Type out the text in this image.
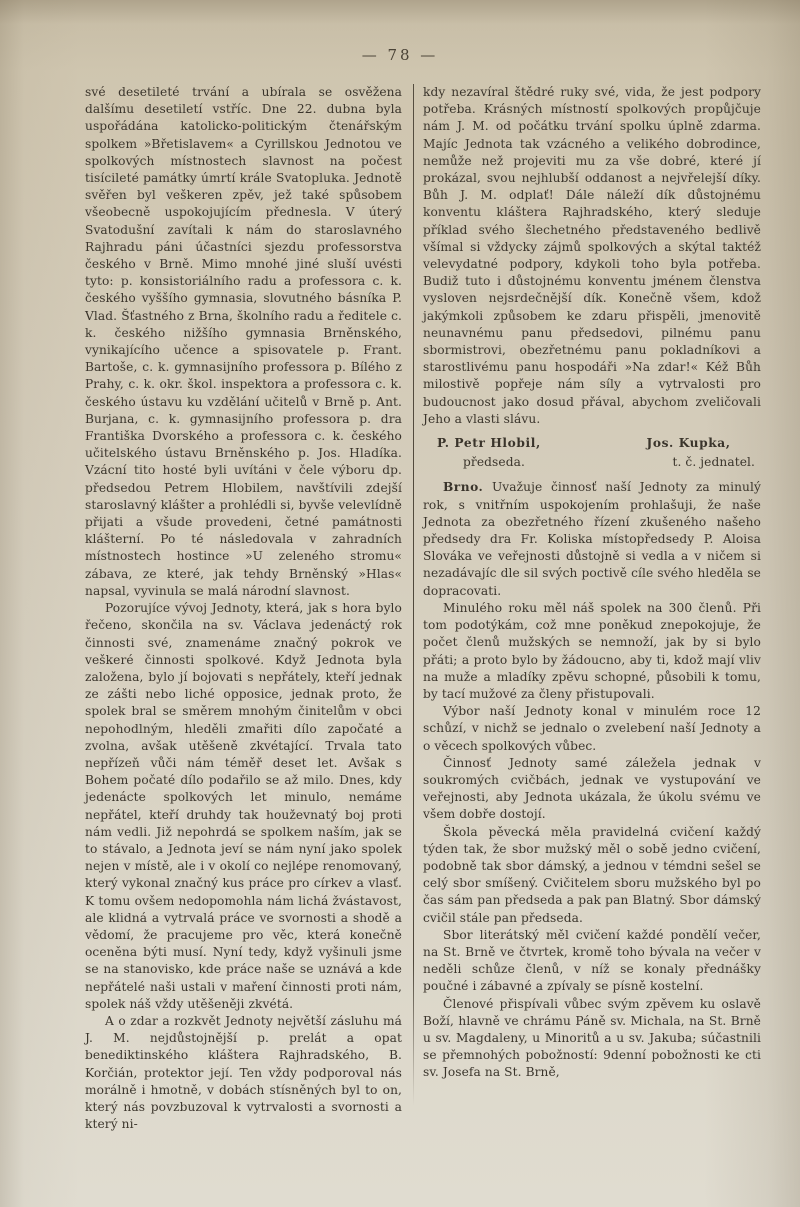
— 78 —

své desetileté trvání a ubírala se osvěžena dalšímu desetiletí vstříc. Dne 22. dubna byla uspořádána katolicko-politickým čtenářským spolkem »Břetislavem« a Cyrillskou Jednotou ve spolkových místnostech slavnost na počest tisícileté památky úmrtí krále Svatopluka. Jednotě svěřen byl veškeren zpěv, jež také spůsobem všeobecně uspokojujícím přednesla. V úterý Svatodušní zavítali k nám do staroslavného Rajhradu páni účastníci sjezdu professorstva českého v Brně. Mimo mnohé jiné sluší uvésti tyto: p. konsistoriálního radu a professora c. k. českého vyššího gymnasia, slovutného básníka P. Vlad. Šťastného z Brna, školního radu a ředitele c. k. českého nižšího gymnasia Brněnského, vynikajícího učence a spisovatele p. Frant. Bartoše, c. k. gymnasijního professora p. Bílého z Prahy, c. k. okr. škol. inspektora a professora c. k. českého ústavu ku vzdělání učitelů v Brně p. Ant. Burjana, c. k. gymnasijního professora p. dra Františka Dvorského a professora c. k. českého učitelského ústavu Brněnského p. Jos. Hladíka. Vzácní tito hosté byli uvítáni v čele výboru dp. předsedou Petrem Hlobilem, navštívili zdejší staroslavný klášter a prohlédli si, byvše velevlídně přijati a všude provedeni, četné památnosti klášterní. Po té následovala v zahradních místnostech hostince »U zeleného stromu« zábava, ze které, jak tehdy Brněnský »Hlas« napsal, vyvinula se malá národní slavnost.

Pozorujíce vývoj Jednoty, která, jak s hora bylo řečeno, skončila na sv. Václava jedenáctý rok činnosti své, znamenáme značný pokrok ve veškeré činnosti spolkové. Když Jednota byla založena, bylo jí bojovati s nepřátely, kteří jednak ze zášti nebo liché opposice, jednak proto, že spolek bral se směrem mnohým činitelům v obci nepohodlným, hleděli zmařiti dílo započaté a zvolna, avšak utěšeně zkvétající. Trvala tato nepřízeň vůči nám téměř deset let. Avšak s Bohem počaté dílo podařilo se až milo. Dnes, kdy jedenácte spolkových let minulo, nemáme nepřátel, kteří druhdy tak houževnatý boj proti nám vedli. Již nepohrdá se spolkem naším, jak se to stávalo, a Jednota jeví se nám nyní jako spolek nejen v místě, ale i v okolí co nejlépe renomovaný, který vykonal značný kus práce pro církev a vlasť. K tomu ovšem nedopomohla nám lichá žvástavost, ale klidná a vytrvalá práce ve svornosti a shodě a vědomí, že pracujeme pro věc, která konečně oceněna býti musí. Nyní tedy, když vyšinuli jsme se na stanovisko, kde práce naše se uznává a kde nepřátelé naši ustali v maření činnosti proti nám, spolek náš vždy utěšeněji zkvétá.

A o zdar a rozkvět Jednoty největší zásluhu má J. M. nejdůstojnější p. prelát a opat benediktinského kláštera Rajhradského, B. Korčián, protektor její. Ten vždy podporoval nás morálně i hmotně, v dobách stísněných byl to on, který nás povzbuzoval k vytrvalosti a svornosti a který ni-

kdy nezavíral štědré ruky své, vida, že jest podpory potřeba. Krásných místností spolkových propůjčuje nám J. M. od počátku trvání spolku úplně zdarma. Majíc Jednota tak vzácného a velikého dobrodince, nemůže než projeviti mu za vše dobré, které jí prokázal, svou nejhlubší oddanost a nejvřelejší díky. Bůh J. M. odplať! Dále náleží dík důstojnému konventu kláštera Rajhradského, který sleduje příklad svého šlechetného představeného bedlivě všímal si vždycky zájmů spolkových a skýtal taktéž velevydatné podpory, kdykoli toho byla potřeba. Budiž tuto i důstojnému konventu jménem členstva vysloven nejsrdečnější dík. Konečně všem, kdož jakýmkoli způsobem ke zdaru přispěli, jmenovitě neunavnému panu předsedovi, pilnému panu sbormistrovi, obezřetnému panu pokladníkovi a starostlivému panu hospodáři »Na zdar!« Kéž Bůh milostivě popřeje nám síly a vytrvalosti pro budoucnost jako dosud přával, abychom zveličovali Jeho a vlasti slávu.

P. Petr Hlobil,
předseda.
Jos. Kupka,
t. č. jednatel.

Brno. Uvažuje činnosť naší Jednoty za minulý rok, s vnitřním uspokojením prohlašuji, že naše Jednota za obezřetného řízení zkušeného našeho předsedy dra Fr. Koliska místopředsedy P. Aloisa Slováka ve veřejnosti důstojně si vedla a v ničem si nezadávajíc dle sil svých poctivě cíle svého hleděla se dopracovati.

Minulého roku měl náš spolek na 300 členů. Při tom podotýkám, což mne poněkud znepokojuje, že počet členů mužských se nemnoží, jak by si bylo přáti; a proto bylo by žádoucno, aby ti, kdož mají vliv na muže a mladíky zpěvu schopné, působili k tomu, by tací mužové za členy přistupovali.

Výbor naší Jednoty konal v minulém roce 12 schůzí, v nichž se jednalo o zvelebení naší Jednoty a o věcech spolkových vůbec.

Činnosť Jednoty samé záležela jednak v soukromých cvičbách, jednak ve vystupování ve veřejnosti, aby Jednota ukázala, že úkolu svému ve všem dobře dostojí.

Škola pěvecká měla pravidelná cvičení každý týden tak, že sbor mužský měl o sobě jedno cvičení, podobně tak sbor dámský, a jednou v témdni sešel se celý sbor smíšený. Cvičitelem sboru mužského byl po čas sám pan předseda a pak pan Blatný. Sbor dámský cvičil stále pan předseda.

Sbor literátský měl cvičení každé pondělí večer, na St. Brně ve čtvrtek, kromě toho bývala na večer v neděli schůze členů, v níž se konaly přednášky poučné i zábavné a zpívaly se písně kostelní.

Členové přispívali vůbec svým zpěvem ku oslavě Boží, hlavně ve chrámu Páně sv. Michala, na St. Brně u sv. Magdaleny, u Minoritů a u sv. Jakuba; súčastnili se přemnohých pobožností: 9denní pobožnosti ke cti sv. Josefa na St. Brně,
